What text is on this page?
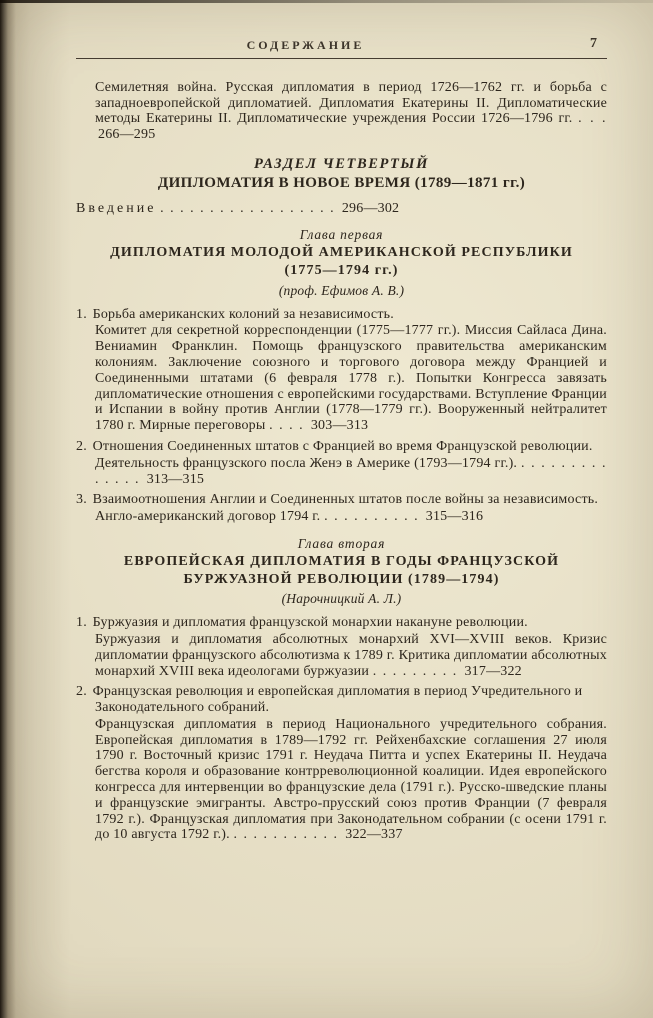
СОДЕРЖАНИЕ	7

Семилетняя война. Русская дипломатия в период 1726—1762 гг. и борьба с западноевропейской дипломатией. Дипломатия Екатерины II. Дипломатические методы Екатерины II. Дипломатические учреждения России 1726—1796 гг. . . . 266—295

РАЗДЕЛ ЧЕТВЕРТЫЙ
ДИПЛОМАТИЯ В НОВОЕ ВРЕМЯ (1789—1871 гг.)

Введение . . . . . . . . . . . . . . . . . . 296—302

Глава первая
ДИПЛОМАТИЯ МОЛОДОЙ АМЕРИКАНСКОЙ РЕСПУБЛИКИ
(1775—1794 гг.)
(проф. Ефимов А. В.)

1. Борьба американских колоний за независимость.

Комитет для секретной корреспонденции (1775—1777 гг.). Миссия Сайласа Дина. Вениамин Франклин. Помощь французского правительства американским колониям. Заключение союзного и торгового договора между Францией и Соединенными штатами (6 февраля 1778 г.). Попытки Конгресса завязать дипломатические отношения с европейскими государствами. Вступление Франции и Испании в войну против Англии (1778—1779 гг.). Вооруженный нейтралитет 1780 г. Мирные переговоры . . . . 303—313

2. Отношения Соединенных штатов с Францией во время Французской революции.

Деятельность французского посла Женэ в Америке (1793—1794 гг.). . . . . . . . . . . . . . . 313—315

3. Взаимоотношения Англии и Соединенных штатов после войны за независимость.

Англо-американский договор 1794 г. . . . . . . . . . . 315—316

Глава вторая
ЕВРОПЕЙСКАЯ ДИПЛОМАТИЯ В ГОДЫ ФРАНЦУЗСКОЙ
БУРЖУАЗНОЙ РЕВОЛЮЦИИ (1789—1794)
(Нарочницкий А. Л.)

1. Буржуазия и дипломатия французской монархии накануне революции.

Буржуазия и дипломатия абсолютных монархий XVI—XVIII веков. Кризис дипломатии французского абсолютизма к 1789 г. Критика дипломатии абсолютных монархий XVIII века идеологами буржуазии . . . . . . . . . 317—322

2. Французская революция и европейская дипломатия в период Учредительного и Законодательного собраний.

Французская дипломатия в период Национального учредительного собрания. Европейская дипломатия в 1789—1792 гг. Рейхенбахские соглашения 27 июля 1790 г. Восточный кризис 1791 г. Неудача Питта и успех Екатерины II. Неудача бегства короля и образование контрреволюционной коалиции. Идея европейского конгресса для интервенции во французские дела (1791 г.). Русско-шведские планы и французские эмигранты. Австро-прусский союз против Франции (7 февраля 1792 г.). Французская дипломатия при Законодательном собрании (с осени 1791 г. до 10 августа 1792 г.). . . . . . . . . . . . 322—337
